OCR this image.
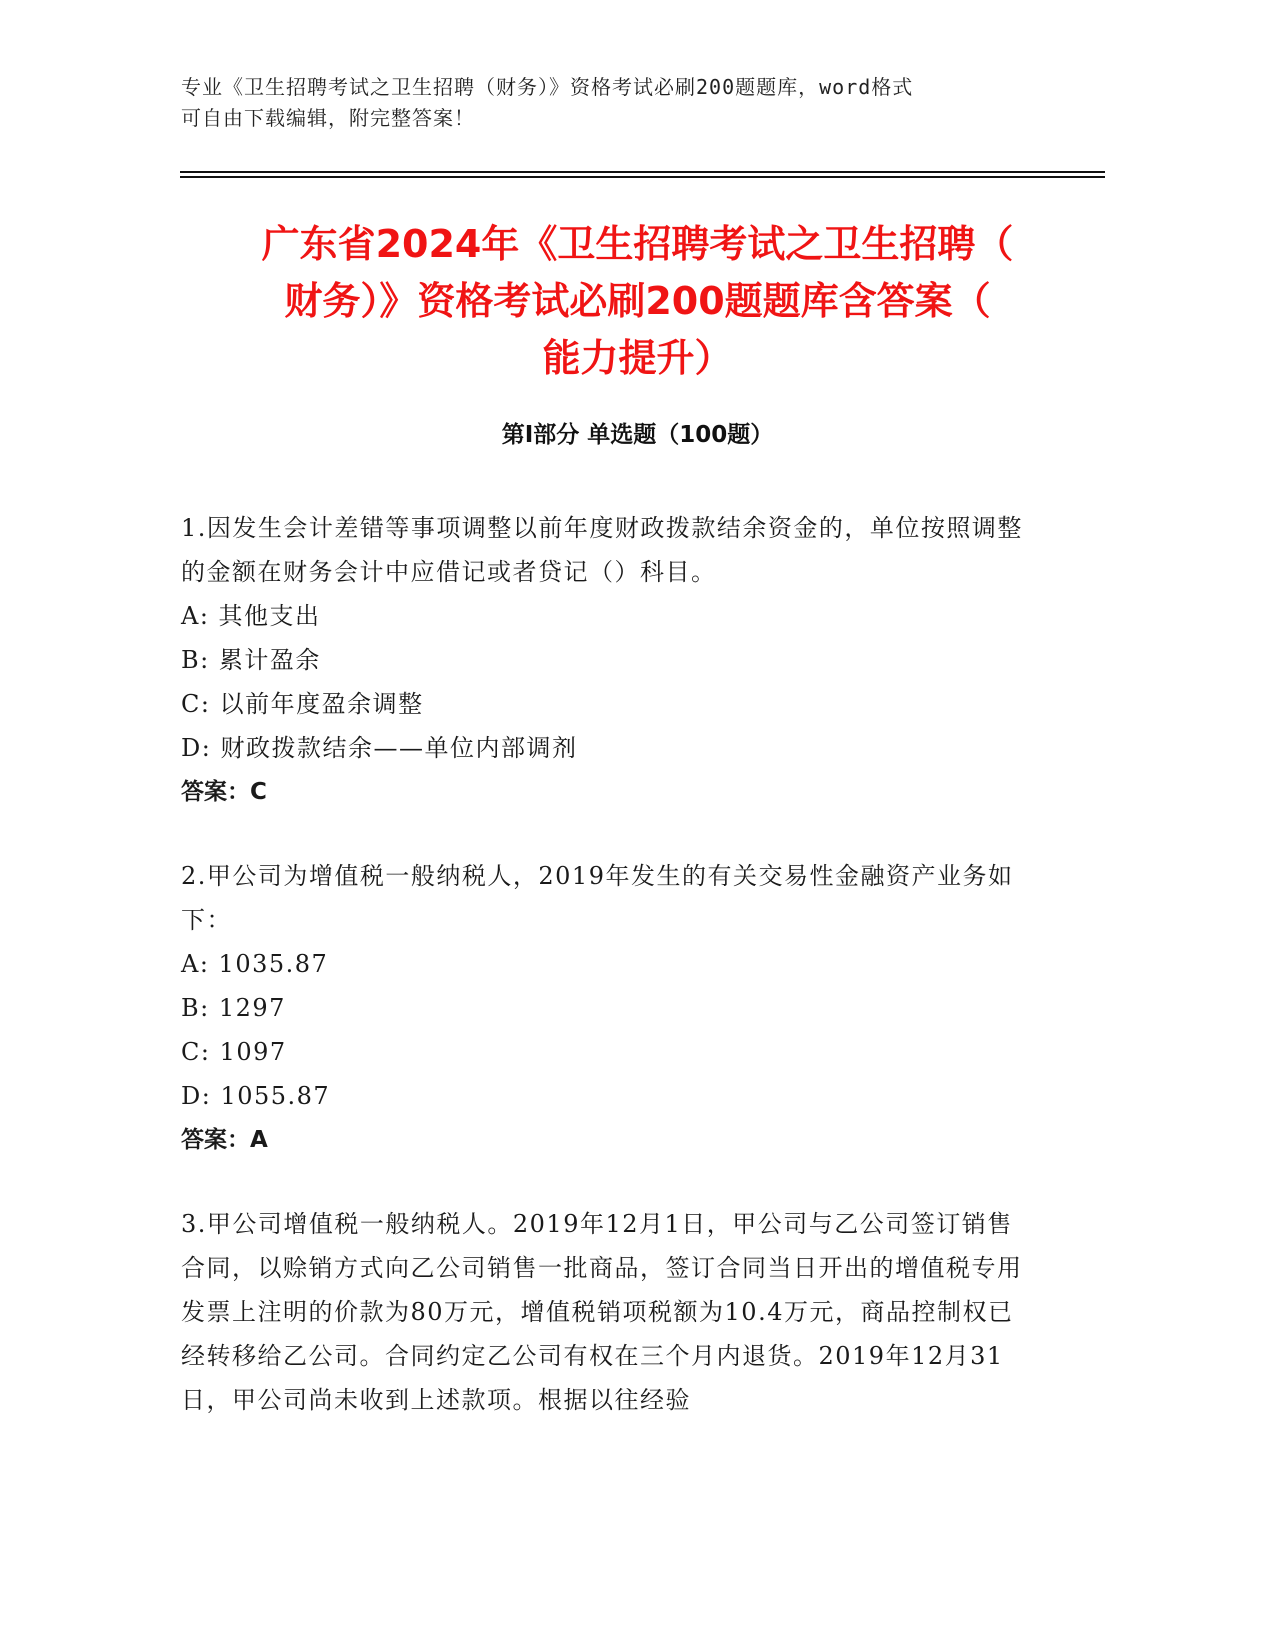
专业《卫生招聘考试之卫生招聘（财务）》资格考试必刷200题题库，word格式
可自由下载编辑，附完整答案！
广东省2024年《卫生招聘考试之卫生招聘（
财务）》资格考试必刷200题题库含答案（
能力提升）
第Ⅰ部分 单选题（100题）
1.因发生会计差错等事项调整以前年度财政拨款结余资金的，单位按照调整的金额在财务会计中应借记或者贷记（）科目。
A: 其他支出
B: 累计盈余
C: 以前年度盈余调整
D: 财政拨款结余——单位内部调剂
答案：C
2.甲公司为增值税一般纳税人，2019年发生的有关交易性金融资产业务如下：
A: 1035.87
B: 1297
C: 1097
D: 1055.87
答案：A
3.甲公司增值税一般纳税人。2019年12月1日，甲公司与乙公司签订销售合同，以赊销方式向乙公司销售一批商品，签订合同当日开出的增值税专用发票上注明的价款为80万元，增值税销项税额为10.4万元，商品控制权已经转移给乙公司。合同约定乙公司有权在三个月内退货。2019年12月31日，甲公司尚未收到上述款项。根据以往经验
